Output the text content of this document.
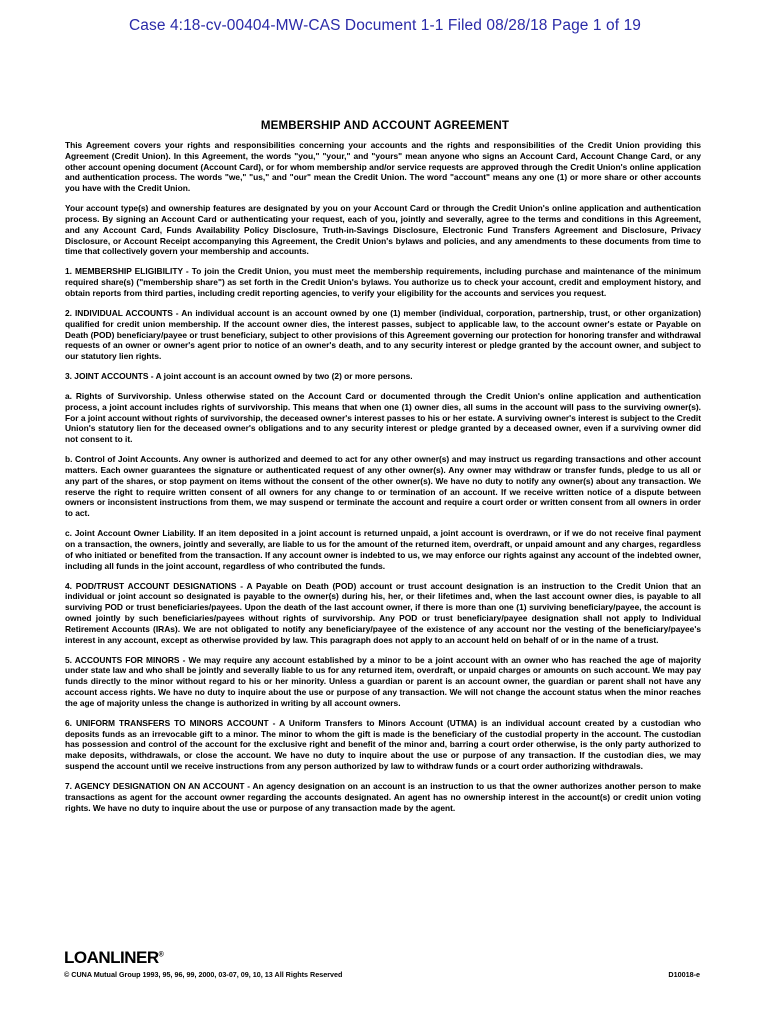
Case 4:18-cv-00404-MW-CAS Document 1-1 Filed 08/28/18 Page 1 of 19
MEMBERSHIP AND ACCOUNT AGREEMENT

This Agreement covers your rights and responsibilities concerning your accounts and the rights and responsibilities of the Credit Union providing this Agreement (Credit Union). In this Agreement, the words "you," "your," and "yours" mean anyone who signs an Account Card, Account Change Card, or any other account opening document (Account Card), or for whom membership and/or service requests are approved through the Credit Union's online application and authentication process. The words "we," "us," and "our" mean the Credit Union. The word "account" means any one (1) or more share or other accounts you have with the Credit Union.

Your account type(s) and ownership features are designated by you on your Account Card or through the Credit Union's online application and authentication process. By signing an Account Card or authenticating your request, each of you, jointly and severally, agree to the terms and conditions in this Agreement, and any Account Card, Funds Availability Policy Disclosure, Truth-in-Savings Disclosure, Electronic Fund Transfers Agreement and Disclosure, Privacy Disclosure, or Account Receipt accompanying this Agreement, the Credit Union's bylaws and policies, and any amendments to these documents from time to time that collectively govern your membership and accounts.

1. MEMBERSHIP ELIGIBILITY - To join the Credit Union, you must meet the membership requirements, including purchase and maintenance of the minimum required share(s) ("membership share") as set forth in the Credit Union's bylaws. You authorize us to check your account, credit and employment history, and obtain reports from third parties, including credit reporting agencies, to verify your eligibility for the accounts and services you request.

2. INDIVIDUAL ACCOUNTS - An individual account is an account owned by one (1) member (individual, corporation, partnership, trust, or other organization) qualified for credit union membership. If the account owner dies, the interest passes, subject to applicable law, to the account owner's estate or Payable on Death (POD) beneficiary/payee or trust beneficiary, subject to other provisions of this Agreement governing our protection for honoring transfer and withdrawal requests of an owner or owner's agent prior to notice of an owner's death, and to any security interest or pledge granted by the account owner, and subject to our statutory lien rights.

3. JOINT ACCOUNTS - A joint account is an account owned by two (2) or more persons.

a. Rights of Survivorship. Unless otherwise stated on the Account Card or documented through the Credit Union's online application and authentication process, a joint account includes rights of survivorship. This means that when one (1) owner dies, all sums in the account will pass to the surviving owner(s). For a joint account without rights of survivorship, the deceased owner's interest passes to his or her estate. A surviving owner's interest is subject to the Credit Union's statutory lien for the deceased owner's obligations and to any security interest or pledge granted by a deceased owner, even if a surviving owner did not consent to it.

b. Control of Joint Accounts. Any owner is authorized and deemed to act for any other owner(s) and may instruct us regarding transactions and other account matters. Each owner guarantees the signature or authenticated request of any other owner(s). Any owner may withdraw or transfer funds, pledge to us all or any part of the shares, or stop payment on items without the consent of the other owner(s). We have no duty to notify any owner(s) about any transaction. We reserve the right to require written consent of all owners for any change to or termination of an account. If we receive written notice of a dispute between owners or inconsistent instructions from them, we may suspend or terminate the account and require a court order or written consent from all owners in order to act.

c. Joint Account Owner Liability. If an item deposited in a joint account is returned unpaid, a joint account is overdrawn, or if we do not receive final payment on a transaction, the owners, jointly and severally, are liable to us for the amount of the returned item, overdraft, or unpaid amount and any charges, regardless of who initiated or benefited from the transaction. If any account owner is indebted to us, we may enforce our rights against any account of the indebted owner, including all funds in the joint account, regardless of who contributed the funds.

4. POD/TRUST ACCOUNT DESIGNATIONS - A Payable on Death (POD) account or trust account designation is an instruction to the Credit Union that an individual or joint account so designated is payable to the owner(s) during his, her, or their lifetimes and, when the last account owner dies, is payable to all surviving POD or trust beneficiaries/payees. Upon the death of the last account owner, if there is more than one (1) surviving beneficiary/payee, the account is owned jointly by such beneficiaries/payees without rights of survivorship. Any POD or trust beneficiary/payee designation shall not apply to Individual Retirement Accounts (IRAs). We are not obligated to notify any beneficiary/payee of the existence of any account nor the vesting of the beneficiary/payee's interest in any account, except as otherwise provided by law. This paragraph does not apply to an account held on behalf of or in the name of a trust.

5. ACCOUNTS FOR MINORS - We may require any account established by a minor to be a joint account with an owner who has reached the age of majority under state law and who shall be jointly and severally liable to us for any returned item, overdraft, or unpaid charges or amounts on such account. We may pay funds directly to the minor without regard to his or her minority. Unless a guardian or parent is an account owner, the guardian or parent shall not have any account access rights. We have no duty to inquire about the use or purpose of any transaction. We will not change the account status when the minor reaches the age of majority unless the change is authorized in writing by all account owners.

6. UNIFORM TRANSFERS TO MINORS ACCOUNT - A Uniform Transfers to Minors Account (UTMA) is an individual account created by a custodian who deposits funds as an irrevocable gift to a minor. The minor to whom the gift is made is the beneficiary of the custodial property in the account. The custodian has possession and control of the account for the exclusive right and benefit of the minor and, barring a court order otherwise, is the only party authorized to make deposits, withdrawals, or close the account. We have no duty to inquire about the use or purpose of any transaction. If the custodian dies, we may suspend the account until we receive instructions from any person authorized by law to withdraw funds or a court order authorizing withdrawals.

7. AGENCY DESIGNATION ON AN ACCOUNT - An agency designation on an account is an instruction to us that the owner authorizes another person to make transactions as agent for the account owner regarding the accounts designated. An agent has no ownership interest in the account(s) or credit union voting rights. We have no duty to inquire about the use or purpose of any transaction made by the agent.

LOANLINER®
© CUNA Mutual Group 1993, 95, 96, 99, 2000, 03-07, 09, 10, 13 All Rights Reserved	D10018-e
